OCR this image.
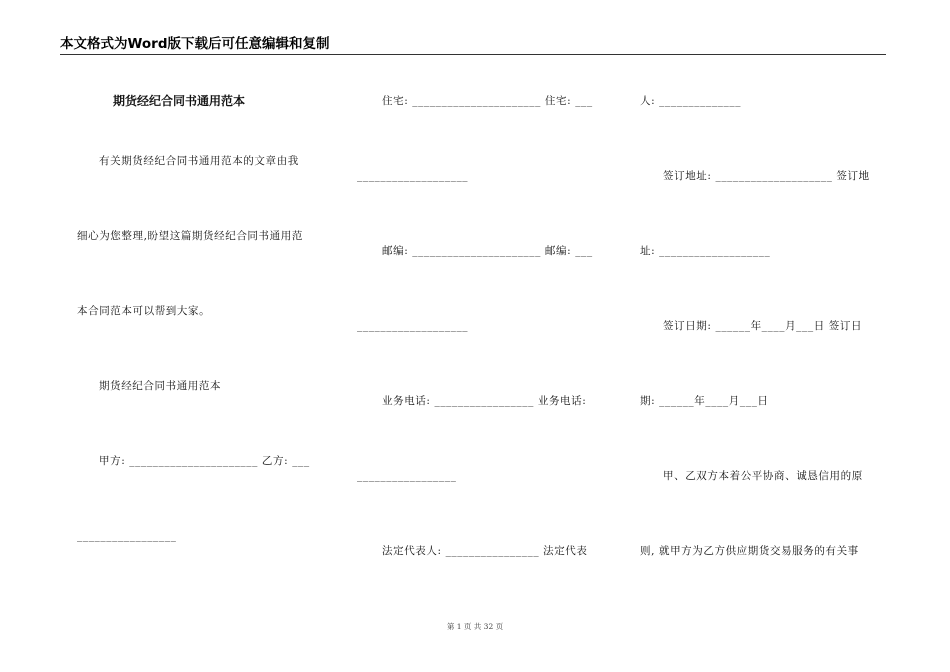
本文格式为Word版下载后可任意编辑和复制
期货经纪合同书通用范本
有关期货经纪合同书通用范本的文章由我
细心为您整理,盼望这篇期货经纪合同书通用范
本合同范本可以帮到大家。
期货经纪合同书通用范本
甲方: ______________________ 乙方: ___
_________________
住宅: ______________________ 住宅: ___
___________________
邮编: ______________________ 邮编: ___
___________________
业务电话: _________________ 业务电话:
_________________
法定代表人: ________________ 法定代表
人: ______________
签订地址: ____________________ 签订地
址: ___________________
签订日期: ______年____月___日 签订日
期: ______年____月___日
甲、乙双方本着公平协商、诚恳信用的原
则, 就甲方为乙方供应期货交易服务的有关事
第 1 页 共 32 页
